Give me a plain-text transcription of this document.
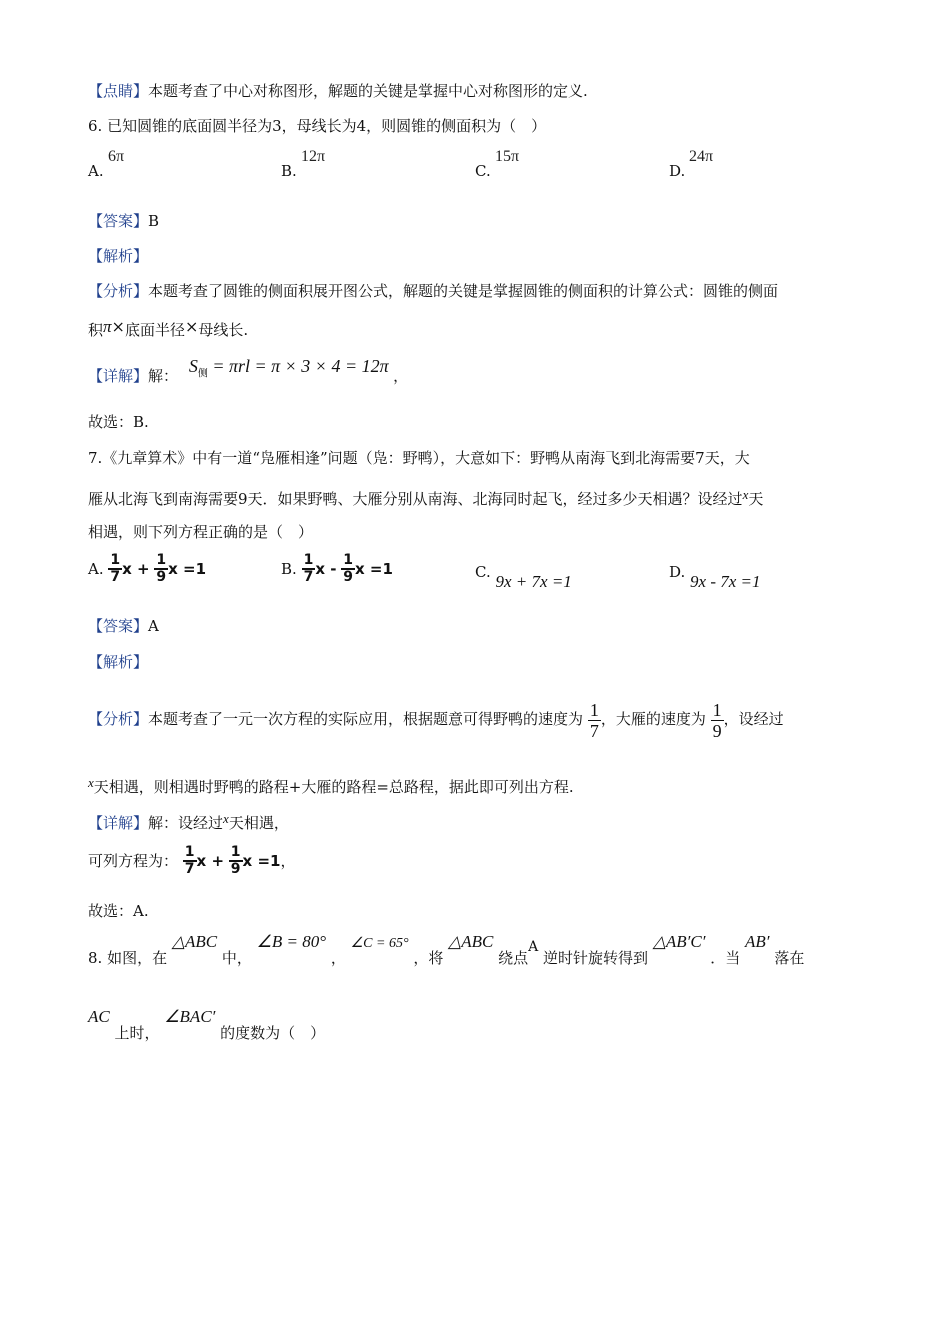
【点睛】本题考查了中心对称图形，解题的关键是掌握中心对称图形的定义.
6. 已知圆锥的底面圆半径为3，母线长为4，则圆锥的侧面积为（　）
A.
6π
B.
12π
C.
15π
D.
24π
【答案】B
【解析】
【分析】本题考查了圆锥的侧面积展开图公式，解题的关键是掌握圆锥的侧面积的计算公式：圆锥的侧面
积π×底面半径×母线长.
【详解】解： $S_侧 = \pi rl = \pi \times 3 \times 4 = 12\pi$ ，
故选：B.
7.《九章算术》中有一道“凫雁相逢”问题（凫：野鸭），大意如下：野鸭从南海飞到北海需要7天，大
雁从北海飞到南海需要9天．如果野鸭、大雁分别从南海、北海同时起飞，经过多少天相遇？设经过x天
相遇，则下列方程正确的是（　）
A. $\frac{1}{7}$ $x + \frac{1}{9}$ x =1	B. $\frac{1}{7}$ x - $\frac{1}{9}$ x =1	C. 9x + 7x =1	D. 9x - 7x =1
【答案】A
【解析】
【分析】本题考查了一元一次方程的实际应用，根据题意可得野鸭的速度为 $\frac{1}{7}$ ，大雁的速度为 $\frac{1}{9}$ ，设经过
x天相遇，则相遇时野鸭的路程+大雁的路程=总路程，据此即可列出方程.
【详解】解：设经过x天相遇，
可列方程为： $\frac{1}{7}$ $x + \frac{1}{9}$ x =1，
故选：A.
8. 如图，在 △ABC 中， ∠B = 80° ， ∠C = 65° ，将 △ABC 绕点A 逆时针旋转得到 △AB′C′ ．当 AB′ 落在
AC 上时， ∠BAC′ 的度数为（　）
